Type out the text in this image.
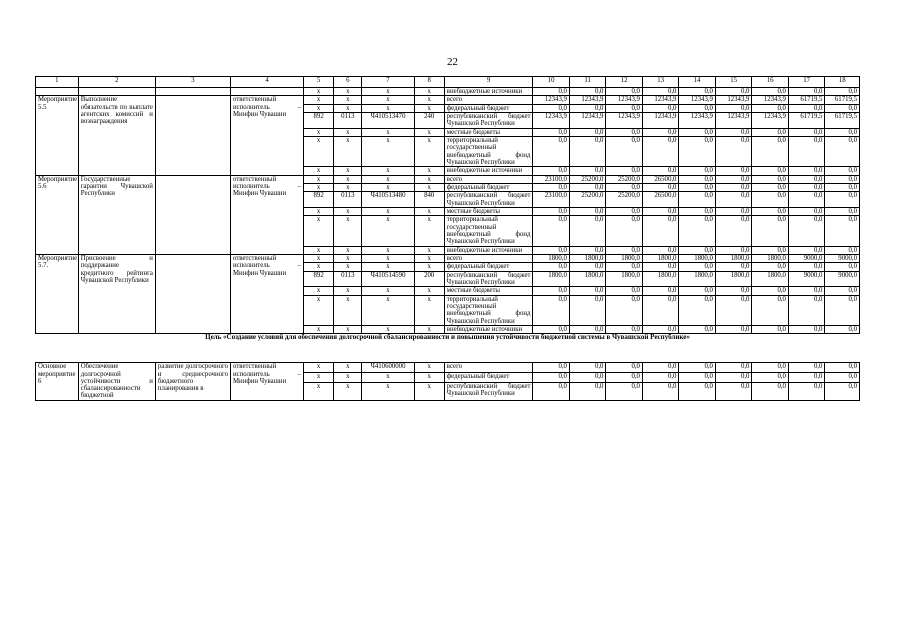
22
1	2	3	4	5	6	7	8	9	10	11	12	13	14	15	16	17	18
				x	x	x	x	внебюджетные источники	0,0	0,0	0,0	0,0	0,0	0,0	0,0	0,0	0,0
Мероприятие 5.5	Выполнение обязательств по выплате агентских комиссий и вознаграждения		ответственный исполнитель – Минфин Чувашии	x	x	x	x	всего	12343,9	12343,9	12343,9	12343,9	12343,9	12343,9	12343,9	61719,5	61719,5
				x	x	x	x	федеральный бюджет	0,0	0,0	0,0	0,0	0,0	0,0	0,0	0,0	0,0
				892	0113	Ч410513470	240	республиканский бюджет Чувашской Республики	12343,9	12343,9	12343,9	12343,9	12343,9	12343,9	12343,9	61719,5	61719,5
				x	x	x	x	местные бюджеты	0,0	0,0	0,0	0,0	0,0	0,0	0,0	0,0	0,0
				x	x	x	x	территориальный государственный внебюджетный фонд Чувашской Республики	0,0	0,0	0,0	0,0	0,0	0,0	0,0	0,0	0,0
				x	x	x	x	внебюджетные источники	0,0	0,0	0,0	0,0	0,0	0,0	0,0	0,0	0,0
Мероприятие 5.6	Государственные гарантии Чувашской Республики		ответственный исполнитель – Минфин Чувашии	x	x	x	x	всего	23100,0	25200,0	25200,0	26500,0	0,0	0,0	0,0	0,0	0,0
				x	x	x	x	федеральный бюджет	0,0	0,0	0,0	0,0	0,0	0,0	0,0	0,0	0,0
				892	0113	Ч410513480	840	республиканский бюджет Чувашской Республики	23100,0	25200,0	25200,0	26500,0	0,0	0,0	0,0	0,0	0,0
				x	x	x	x	местные бюджеты	0,0	0,0	0,0	0,0	0,0	0,0	0,0	0,0	0,0
				x	x	x	x	территориальный государственный внебюджетный фонд Чувашской Республики	0,0	0,0	0,0	0,0	0,0	0,0	0,0	0,0	0,0
				x	x	x	x	внебюджетные источники	0,0	0,0	0,0	0,0	0,0	0,0	0,0	0,0	0,0
Мероприятие 5.7.	Присвоение и поддержание кредитного рейтинга Чувашской Республики		ответственный исполнитель – Минфин Чувашии	x	x	x	x	всего	1800,0	1800,0	1800,0	1800,0	1800,0	1800,0	1800,0	9000,0	9000,0
				x	x	x	x	федеральный бюджет	0,0	0,0	0,0	0,0	0,0	0,0	0,0	0,0	0,0
				892	0113	Ч410514590	200	республиканский бюджет Чувашской Республики	1800,0	1800,0	1800,0	1800,0	1800,0	1800,0	1800,0	9000,0	9000,0
				x	x	x	x	местные бюджеты	0,0	0,0	0,0	0,0	0,0	0,0	0,0	0,0	0,0
				x	x	x	x	территориальный государственный внебюджетный фонд Чувашской Республики	0,0	0,0	0,0	0,0	0,0	0,0	0,0	0,0	0,0
				x	x	x	x	внебюджетные источники	0,0	0,0	0,0	0,0	0,0	0,0	0,0	0,0	0,0
Цель «Создание условий для обеспечения долгосрочной сбалансированности и повышения устойчивости бюджетной системы в Чувашской Республике»																	
Основное мероприятие 6	Обеспечение долгосрочной устойчивости и сбалансированности бюджетной	развитие долгосрочного и среднесрочного бюджетного планирования в	ответственный исполнитель – Минфин Чувашии	x	x	Ч410600000	x	всего	0,0	0,0	0,0	0,0	0,0	0,0	0,0	0,0	0,0
				x	x	x	x	федеральный бюджет	0,0	0,0	0,0	0,0	0,0	0,0	0,0	0,0	0,0
				x	x	x	x	республиканский бюджет Чувашской Республики	0,0	0,0	0,0	0,0	0,0	0,0	0,0	0,0	0,0
